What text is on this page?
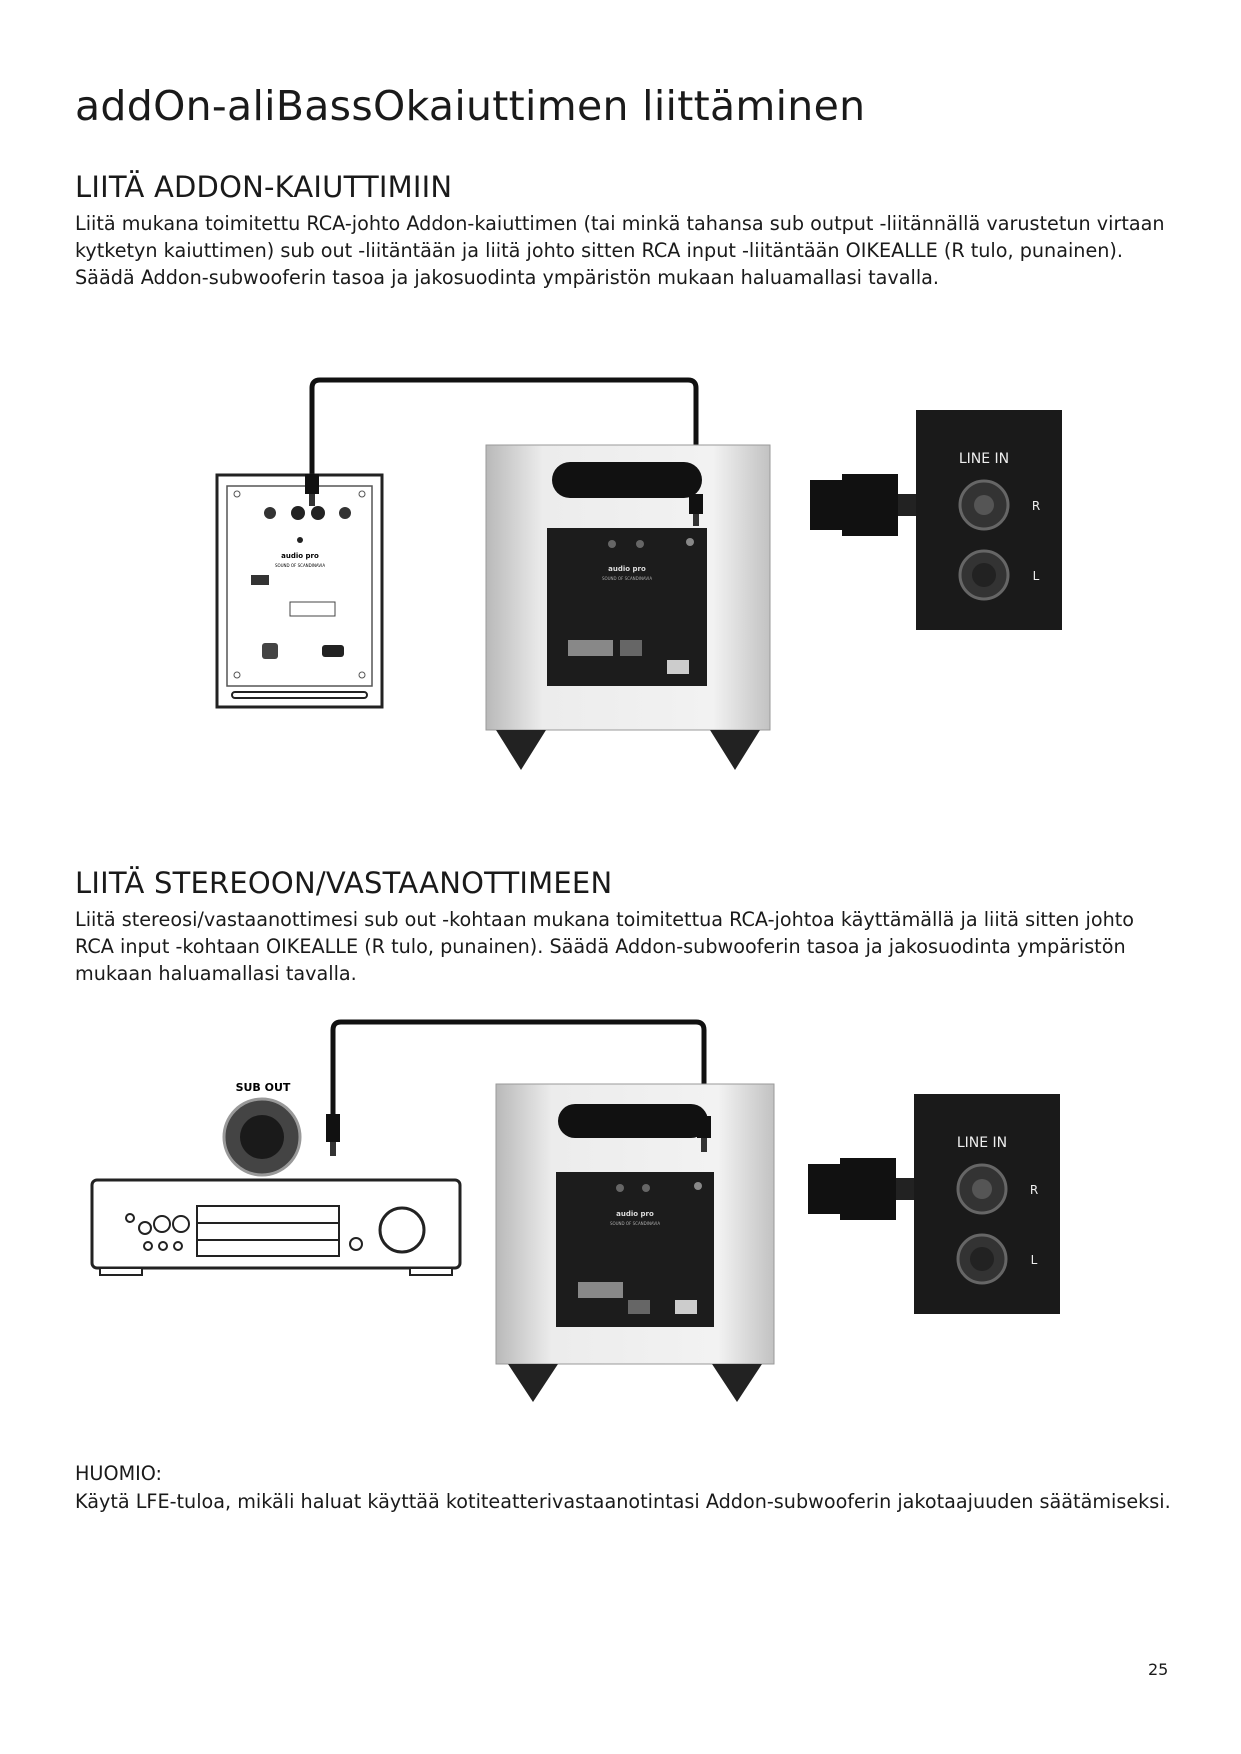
addOn-aliBassOkaiuttimen liittäminen
LIITÄ ADDON-KAIUTTIMIIN

Liitä mukana toimitettu RCA-johto Addon-kaiuttimen (tai minkä tahansa sub output -liitännällä varustetun virtaan kytketyn kaiuttimen) sub out -liitäntään ja liitä johto sitten RCA input -liitäntään OIKEALLE (R tulo, punainen). Säädä Addon-subwooferin tasoa ja jakosuodinta ympäristön mukaan haluamallasi tavalla.

audio pro
SOUND OF SCANDINAVIA	audio pro
SOUND OF SCANDINAVIA
LINE IN
R
L
LIITÄ STEREOON/VASTAANOTTIMEEN

Liitä stereosi/vastaanottimesi sub out -kohtaan mukana toimitettua RCA-johtoa käyttämällä ja liitä sitten johto RCA input -kohtaan OIKEALLE (R tulo, punainen). Säädä Addon-subwooferin tasoa ja jakosuodinta ympäristön mukaan haluamallasi tavalla.

SUB OUT
audio pro
SOUND OF SCANDINAVIA
LINE IN
R
L

HUOMIO:

Käytä LFE-tuloa, mikäli haluat käyttää kotiteatterivastaanotintasi Addon-subwooferin jakotaajuuden säätämiseksi.

25
